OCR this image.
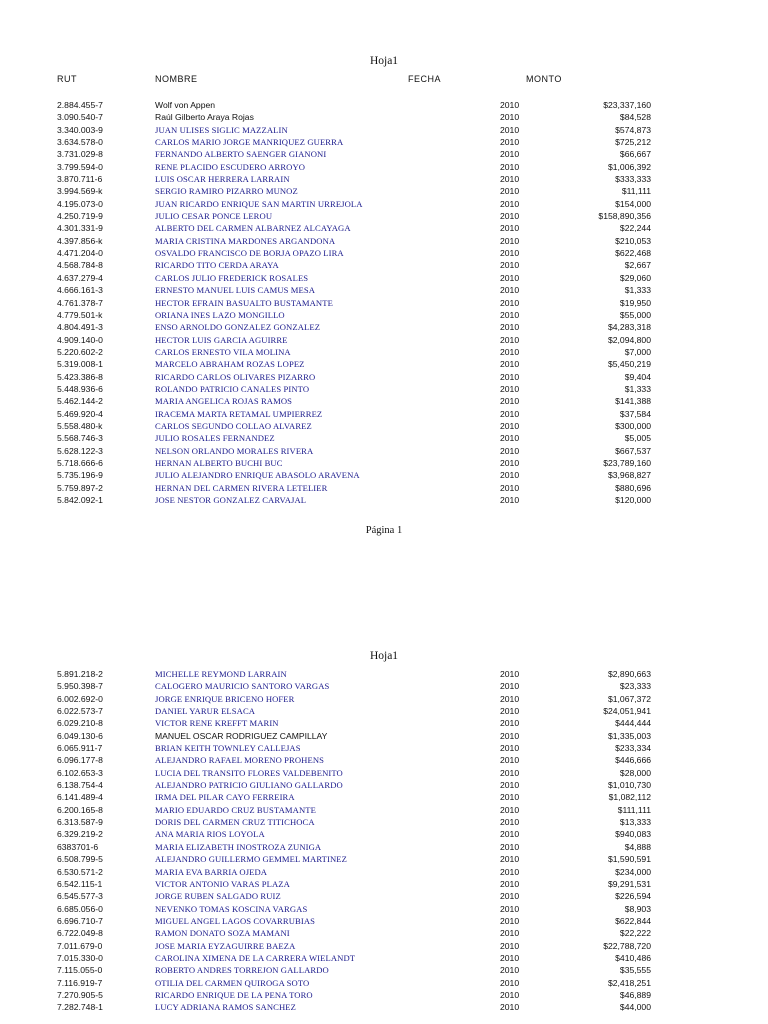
Hoja1
RUT	NOMBRE	FECHA	MONTO
2.884.455-7	Wolf von Appen	2010	$23,337,160
3.090.540-7	Raúl Gilberto Araya Rojas	2010	$84,528
3.340.003-9	JUAN ULISES SIGLIC MAZZALIN	2010	$574,873
3.634.578-0	CARLOS MARIO JORGE MANRIQUEZ GUERRA	2010	$725,212
3.731.029-8	FERNANDO ALBERTO SAENGER GIANONI	2010	$66,667
3.799.594-0	RENE PLACIDO ESCUDERO ARROYO	2010	$1,006,392
3.870.711-6	LUIS OSCAR HERRERA LARRAIN	2010	$333,333
3.994.569-k	SERGIO RAMIRO PIZARRO MUNOZ	2010	$11,111
4.195.073-0	JUAN RICARDO ENRIQUE SAN MARTIN URREJOLA	2010	$154,000
4.250.719-9	JULIO CESAR PONCE LEROU	2010	$158,890,356
4.301.331-9	ALBERTO DEL CARMEN ALBARNEZ ALCAYAGA	2010	$22,244
4.397.856-k	MARIA CRISTINA MARDONES ARGANDONA	2010	$210,053
4.471.204-0	OSVALDO FRANCISCO DE BORJA OPAZO LIRA	2010	$622,468
4.568.784-8	RICARDO TITO CERDA ARAYA	2010	$2,667
4.637.279-4	CARLOS JULIO FREDERICK ROSALES	2010	$29,060
4.666.161-3	ERNESTO MANUEL LUIS CAMUS MESA	2010	$1,333
4.761.378-7	HECTOR EFRAIN BASUALTO BUSTAMANTE	2010	$19,950
4.779.501-k	ORIANA INES LAZO MONGILLO	2010	$55,000
4.804.491-3	ENSO ARNOLDO GONZALEZ GONZALEZ	2010	$4,283,318
4.909.140-0	HECTOR LUIS GARCIA AGUIRRE	2010	$2,094,800
5.220.602-2	CARLOS ERNESTO VILA MOLINA	2010	$7,000
5.319.008-1	MARCELO ABRAHAM ROZAS LOPEZ	2010	$5,450,219
5.423.386-8	RICARDO CARLOS OLIVARES PIZARRO	2010	$9,404
5.448.936-6	ROLANDO PATRICIO CANALES PINTO	2010	$1,333
5.462.144-2	MARIA ANGELICA ROJAS RAMOS	2010	$141,388
5.469.920-4	IRACEMA MARTA RETAMAL UMPIERREZ	2010	$37,584
5.558.480-k	CARLOS SEGUNDO COLLAO ALVAREZ	2010	$300,000
5.568.746-3	JULIO ROSALES FERNANDEZ	2010	$5,005
5.628.122-3	NELSON ORLANDO MORALES RIVERA	2010	$667,537
5.718.666-6	HERNAN ALBERTO BUCHI BUC	2010	$23,789,160
5.735.196-9	JULIO ALEJANDRO ENRIQUE ABASOLO ARAVENA	2010	$3,968,827
5.759.897-2	HERNAN DEL CARMEN RIVERA LETELIER	2010	$880,696
5.842.092-1	JOSE NESTOR GONZALEZ CARVAJAL	2010	$120,000
Página 1
Hoja1
5.891.218-2	MICHELLE REYMOND LARRAIN	2010	$2,890,663
5.950.398-7	CALOGERO MAURICIO SANTORO VARGAS	2010	$23,333
6.002.692-0	JORGE ENRIQUE BRICENO HOFER	2010	$1,067,372
6.022.573-7	DANIEL YARUR ELSACA	2010	$24,051,941
6.029.210-8	VICTOR RENE KREFFT MARIN	2010	$444,444
6.049.130-6	MANUEL OSCAR RODRIGUEZ CAMPILLAY	2010	$1,335,003
6.065.911-7	BRIAN KEITH TOWNLEY CALLEJAS	2010	$233,334
6.096.177-8	ALEJANDRO RAFAEL MORENO PROHENS	2010	$446,666
6.102.653-3	LUCIA DEL TRANSITO FLORES VALDEBENITO	2010	$28,000
6.138.754-4	ALEJANDRO PATRICIO GIULIANO GALLARDO	2010	$1,010,730
6.141.489-4	IRMA DEL PILAR CAYO FERREIRA	2010	$1,082,112
6.200.165-8	MARIO EDUARDO CRUZ BUSTAMANTE	2010	$111,111
6.313.587-9	DORIS DEL CARMEN CRUZ TITICHOCA	2010	$13,333
6.329.219-2	ANA MARIA RIOS LOYOLA	2010	$940,083
6383701-6	MARIA ELIZABETH INOSTROZA ZUNIGA	2010	$4,888
6.508.799-5	ALEJANDRO GUILLERMO GEMMEL MARTINEZ	2010	$1,590,591
6.530.571-2	MARIA EVA BARRIA OJEDA	2010	$234,000
6.542.115-1	VICTOR ANTONIO VARAS PLAZA	2010	$9,291,531
6.545.577-3	JORGE RUBEN SALGADO RUIZ	2010	$226,594
6.685.056-0	NEVENKO TOMAS KOSCINA VARGAS	2010	$8,903
6.696.710-7	MIGUEL ANGEL LAGOS COVARRUBIAS	2010	$622,844
6.722.049-8	RAMON DONATO SOZA MAMANI	2010	$22,222
7.011.679-0	JOSE MARIA EYZAGUIRRE BAEZA	2010	$22,788,720
7.015.330-0	CAROLINA XIMENA DE LA CARRERA WIELANDT	2010	$410,486
7.115.055-0	ROBERTO ANDRES TORREJON GALLARDO	2010	$35,555
7.116.919-7	OTILIA DEL CARMEN QUIROGA SOTO	2010	$2,418,251
7.270.905-5	RICARDO ENRIQUE DE LA PENA TORO	2010	$46,889
7.282.748-1	LUCY ADRIANA RAMOS SANCHEZ	2010	$44,000
